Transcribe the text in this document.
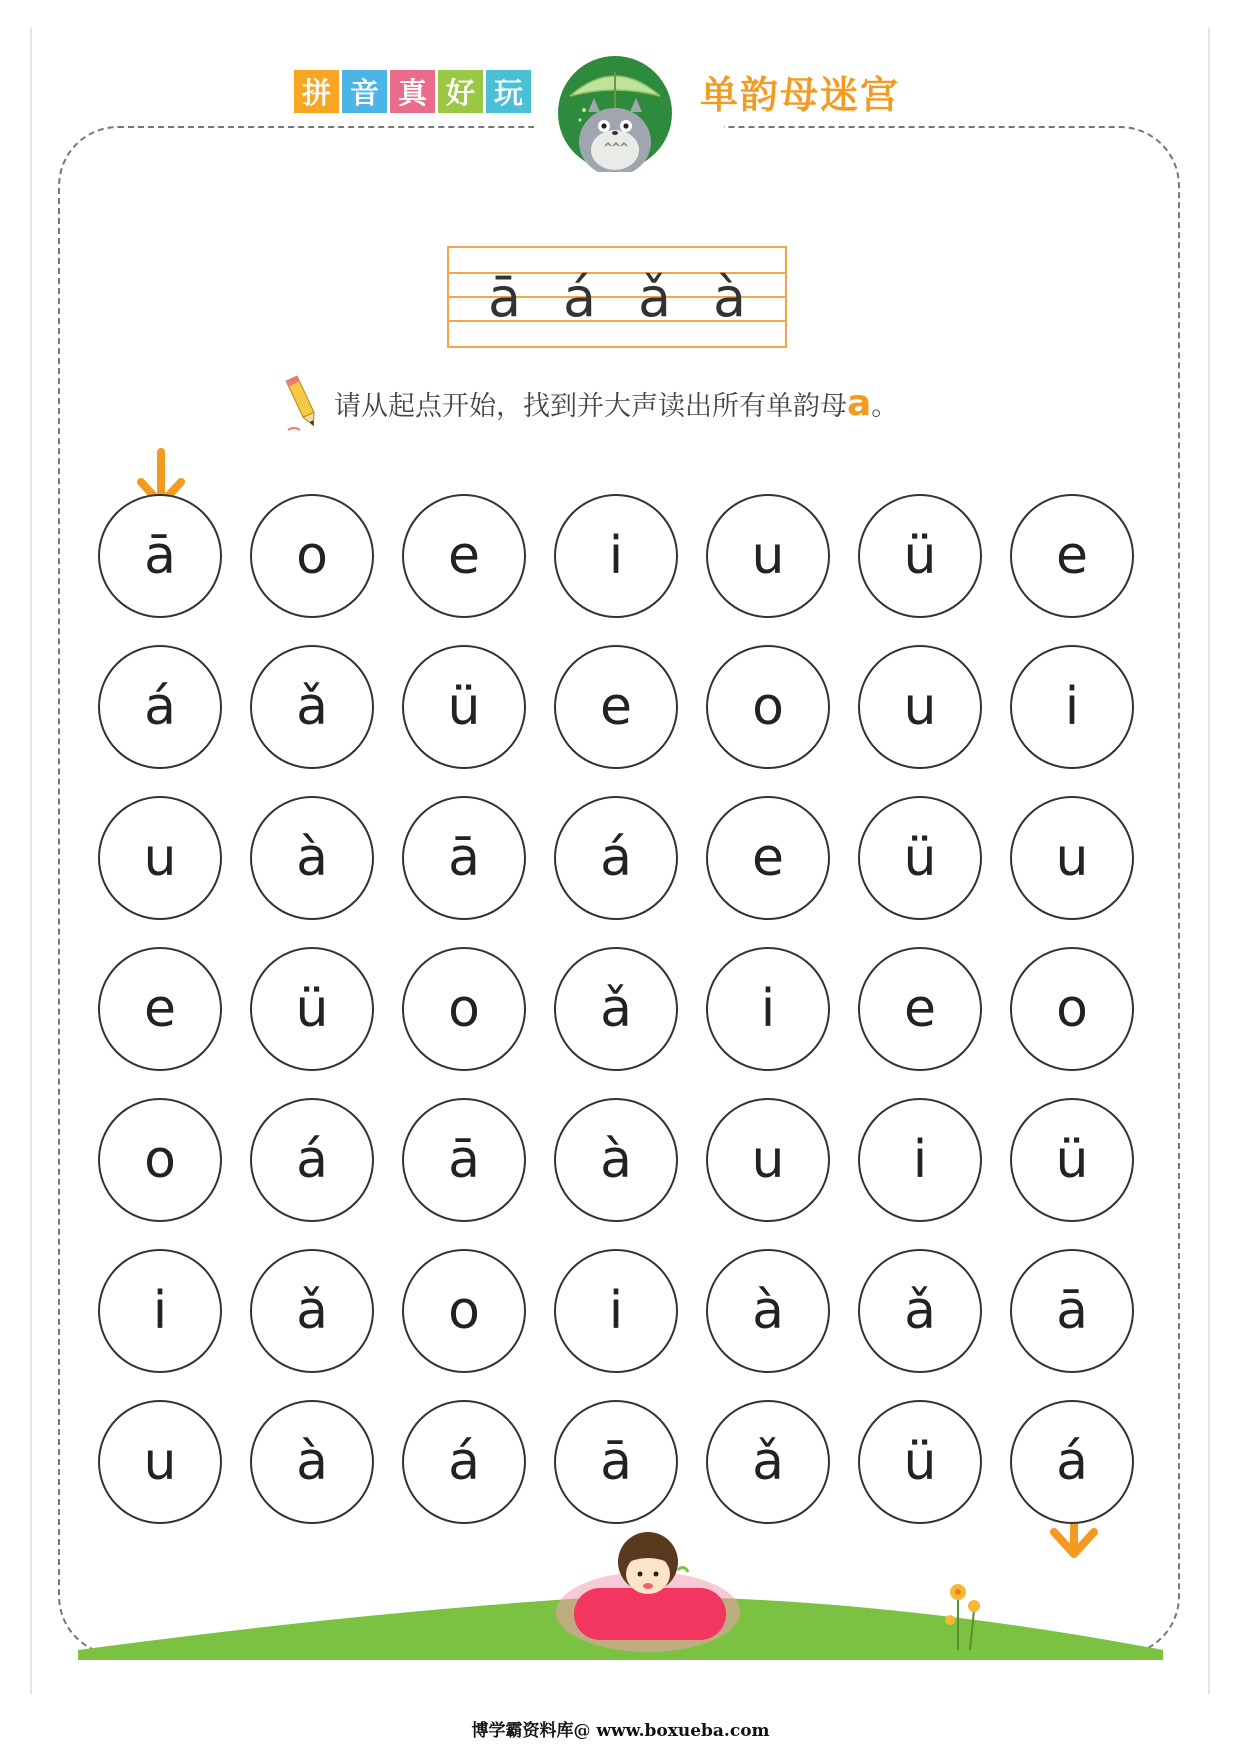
拼 音 真 好 玩	单韵母迷宫
ā á ǎ à
请从起点开始，找到并大声读出所有单韵母 a 。
ā	o	e	i	u	ü	e
á	ǎ	ü	e	o	u	i
u	à	ā	á	e	ü	u
e	ü	o	ǎ	i	e	o
o	á	ā	à	u	i	ü
i	ǎ	o	i	à	ǎ	ā
u	à	á	ā	ǎ	ü	á
博学霸资料库@ www.boxueba.com
